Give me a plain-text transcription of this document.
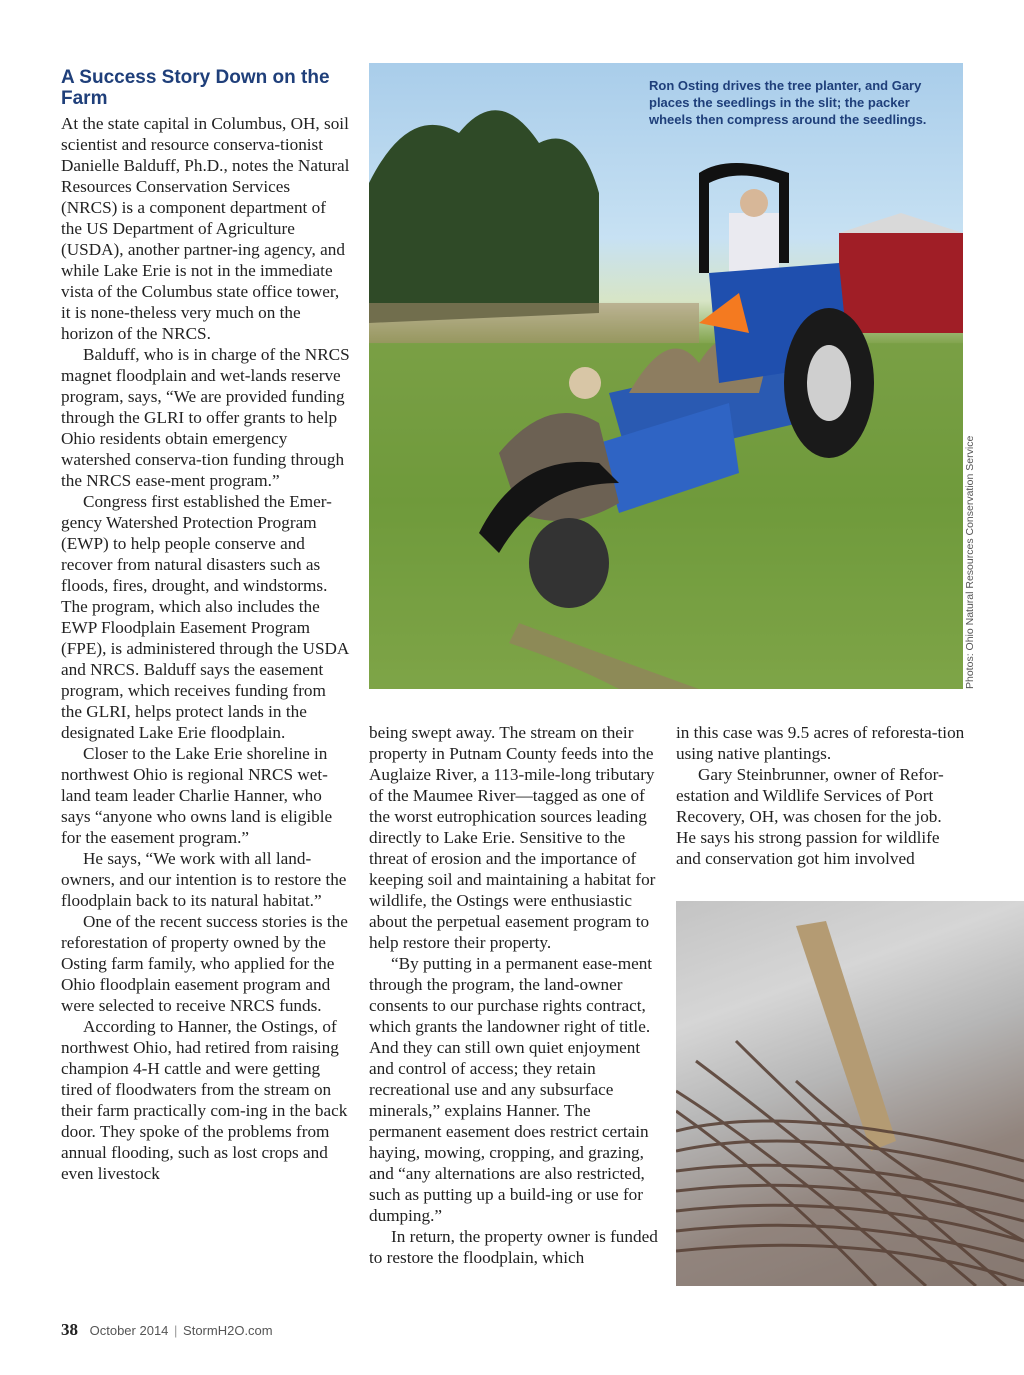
A Success Story Down on the Farm

At the state capital in Columbus, OH, soil scientist and resource conserva-tionist Danielle Balduff, Ph.D., notes the Natural Resources Conservation Services (NRCS) is a component department of the US Department of Agriculture (USDA), another partner-ing agency, and while Lake Erie is not in the immediate vista of the Columbus state office tower, it is none-theless very much on the horizon of the NRCS.

Balduff, who is in charge of the NRCS magnet floodplain and wet-lands reserve program, says, “We are provided funding through the GLRI to offer grants to help Ohio residents obtain emergency watershed conserva-tion funding through the NRCS ease-ment program.”

Congress first established the Emer-gency Watershed Protection Program (EWP) to help people conserve and recover from natural disasters such as floods, fires, drought, and windstorms. The program, which also includes the EWP Floodplain Easement Program (FPE), is administered through the USDA and NRCS. Balduff says the easement program, which receives funding from the GLRI, helps protect lands in the designated Lake Erie floodplain.

Closer to the Lake Erie shoreline in northwest Ohio is regional NRCS wet-land team leader Charlie Hanner, who says “anyone who owns land is eligible for the easement program.”

He says, “We work with all land-owners, and our intention is to restore the floodplain back to its natural habitat.”

One of the recent success stories is the reforestation of property owned by the Osting farm family, who applied for the Ohio floodplain easement program and were selected to receive NRCS funds.

According to Hanner, the Ostings, of northwest Ohio, had retired from raising champion 4-H cattle and were getting tired of floodwaters from the stream on their farm practically com-ing in the back door. They spoke of the problems from annual flooding, such as lost crops and even livestock

Ron Osting drives the tree planter, and Gary places the seedlings in the slit; the packer wheels then compress around the seedlings.
Photos: Ohio Natural Resources Conservation Service

being swept away. The stream on their property in Putnam County feeds into the Auglaize River, a 113-mile-long tributary of the Maumee River—tagged as one of the worst eutrophication sources leading directly to Lake Erie. Sensitive to the threat of erosion and the importance of keeping soil and maintaining a habitat for wildlife, the Ostings were enthusiastic about the perpetual easement program to help restore their property.

“By putting in a permanent ease-ment through the program, the land-owner consents to our purchase rights contract, which grants the landowner right of title. And they can still own quiet enjoyment and control of access; they retain recreational use and any subsurface minerals,” explains Hanner. The permanent easement does restrict certain haying, mowing, cropping, and grazing, and “any alternations are also restricted, such as putting up a build-ing or use for dumping.”

In return, the property owner is funded to restore the floodplain, which

in this case was 9.5 acres of reforesta-tion using native plantings.

Gary Steinbrunner, owner of Refor-estation and Wildlife Services of Port Recovery, OH, was chosen for the job. He says his strong passion for wildlife and conservation got him involved

38 October 2014 | StormH2O.com
